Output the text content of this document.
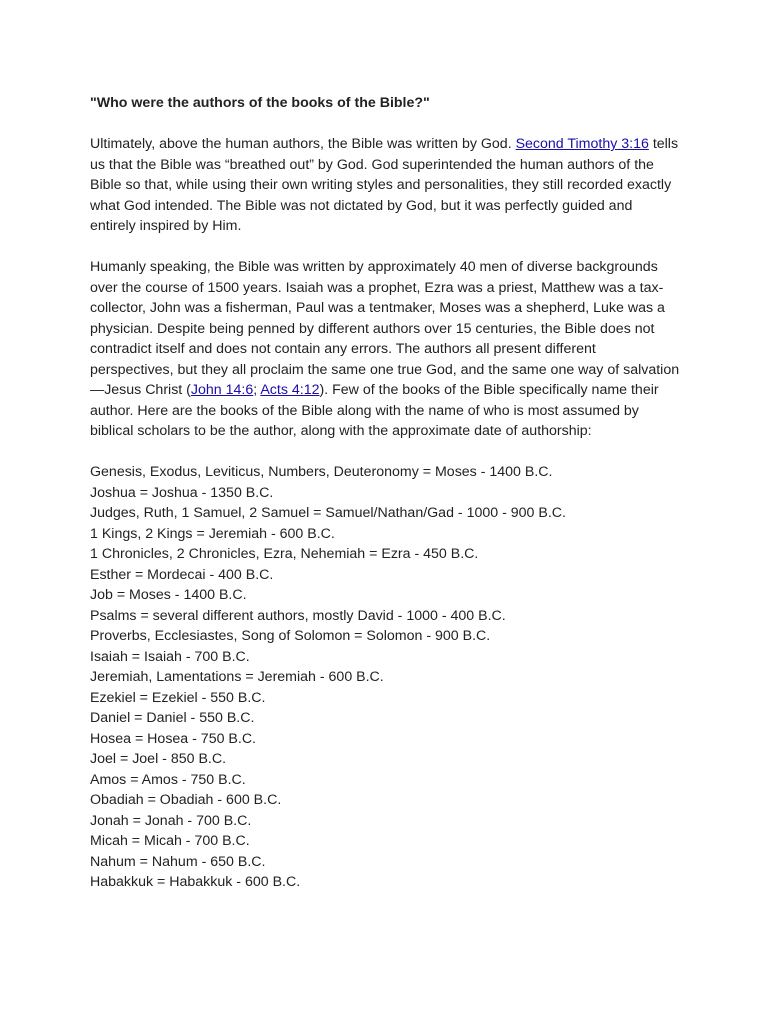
"Who were the authors of the books of the Bible?"

Ultimately, above the human authors, the Bible was written by God. Second Timothy 3:16 tells us that the Bible was “breathed out” by God. God superintended the human authors of the Bible so that, while using their own writing styles and personalities, they still recorded exactly what God intended. The Bible was not dictated by God, but it was perfectly guided and entirely inspired by Him.

Humanly speaking, the Bible was written by approximately 40 men of diverse backgrounds over the course of 1500 years. Isaiah was a prophet, Ezra was a priest, Matthew was a tax-collector, John was a fisherman, Paul was a tentmaker, Moses was a shepherd, Luke was a physician. Despite being penned by different authors over 15 centuries, the Bible does not contradict itself and does not contain any errors. The authors all present different perspectives, but they all proclaim the same one true God, and the same one way of salvation—Jesus Christ (John 14:6; Acts 4:12). Few of the books of the Bible specifically name their author. Here are the books of the Bible along with the name of who is most assumed by biblical scholars to be the author, along with the approximate date of authorship:

Genesis, Exodus, Leviticus, Numbers, Deuteronomy = Moses - 1400 B.C.
Joshua = Joshua - 1350 B.C.
Judges, Ruth, 1 Samuel, 2 Samuel = Samuel/Nathan/Gad - 1000 - 900 B.C.
1 Kings, 2 Kings = Jeremiah - 600 B.C.
1 Chronicles, 2 Chronicles, Ezra, Nehemiah = Ezra - 450 B.C.
Esther = Mordecai - 400 B.C.
Job = Moses - 1400 B.C.
Psalms = several different authors, mostly David - 1000 - 400 B.C.
Proverbs, Ecclesiastes, Song of Solomon = Solomon - 900 B.C.
Isaiah = Isaiah - 700 B.C.
Jeremiah, Lamentations = Jeremiah - 600 B.C.
Ezekiel = Ezekiel - 550 B.C.
Daniel = Daniel - 550 B.C.
Hosea = Hosea - 750 B.C.
Joel = Joel - 850 B.C.
Amos = Amos - 750 B.C.
Obadiah = Obadiah - 600 B.C.
Jonah = Jonah - 700 B.C.
Micah = Micah - 700 B.C.
Nahum = Nahum - 650 B.C.
Habakkuk = Habakkuk - 600 B.C.
